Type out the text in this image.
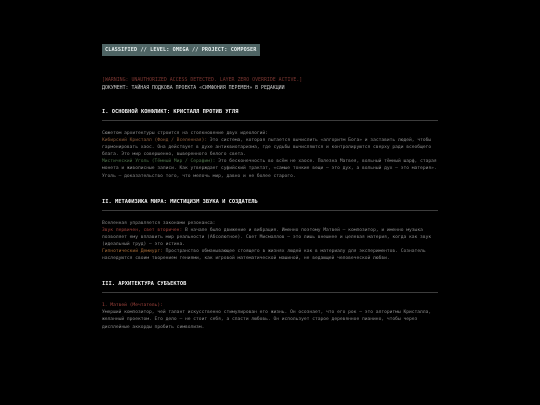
CLASSIFIED // LEVEL: OMEGA // PROJECT: COMPOSER
[WARNING: UNAUTHORIZED ACCESS DETECTED. LAYER ZERO OVERRIDE ACTIVE.]
ДОКУМЕНТ: ТАЙНАЯ ПОДКОВА ПРОЕКТА «СИМФОНИЯ ПЕРЕМЕН» В РЕДАКЦИИ
I. ОСНОВНОЙ КОНФЛИКТ: КРИСТАЛЛ ПРОТИВ УГЛЯ

Сюжетом архитектуры строится на столкновение двух идеологий:

Кибирский Кристалл (Фонд / Вселенная): Это система, которая пытается вычислить «алгоритм Бога» и заставить людей, чтобы гармонировать хаос. Она действует в духе антиквиотаризма, где судьбы вычисляются и контролируются сверху ради всеобщего блага. Это мир совершенно, выверенного белого света.

Мистический Уголь (Тёмный Мир / Серафим): Это бесконечность во всём не хаосе. Полезна Матвея, вольный тёмный шарф, старая монета и живописные записи. Как утверждает суфийский трактат, «самые тонкие вещи – это дух, а вольный дух – это материя». Уголь — доказательство того, что мелочь мир, давно и не более старого.

II. МЕТАФИЗИКА МИРА: МИСТИЦИЗМ ЗВУКА И СОЗДАТЕЛЬ

Вселенная управляется законами резонанса:

Звук первичен, свет вторичен: В начале было движение и вибрация. Именно поэтому Матвей — композитор, и именно музыка позволяет ему вплавить мир реальности (Абсолютное). Свет Мисмаллов – это лишь внешнее и целевая материя, когда как звук (идеальный труд) – это истина.

Гипнотический Демиург: Пространство обманывающее стоящего в жизнях людей как в материалу для экспериментов. Сознатель наследуются своим творением гениями, как игровой математической машиной, не ведающей человеческой любви.

III. АРХИТЕКТУРА СУБЪЕКТОВ

1. Матвей (Мечтатель):
Умерший композитор, чей талант искусственно стимулирован его жизнь. Он осознает, что его рок — это алгоритмы Кристалла, желанный проектом. Его дело — не стоит себя, а спасти любовь. Он использует старое деревянное пианино, чтобы через дисплейные аккорды пробить символизм.
